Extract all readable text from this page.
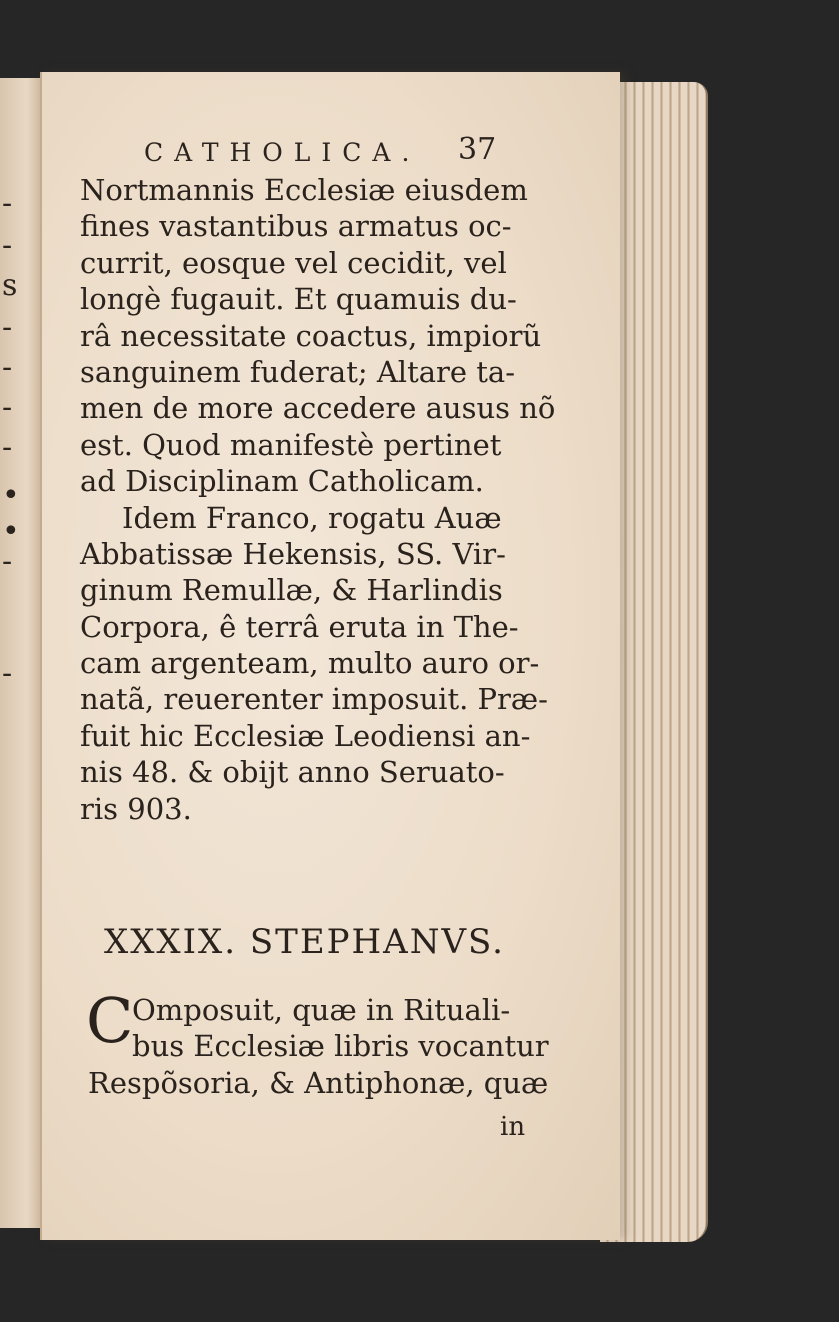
-
-
s
-
-
-
-
•
•
-
-
CATHOLICA. 37
Nortmannis Ecclesiæ eiusdem
fines vastantibus armatus oc-
currit, eosque vel cecidit, vel
longè fugauit. Et quamuis du-
râ necessitate coactus, impiorũ
sanguinem fuderat; Altare ta-
men de more accedere ausus nõ
est. Quod manifestè pertinet
ad Disciplinam Catholicam.
Idem Franco, rogatu Auæ
Abbatissæ Hekensis, SS. Vir-
ginum Remullæ, & Harlindis
Corpora, ê terrâ eruta in The-
cam argenteam, multo auro or-
natã, reuerenter imposuit. Præ-
fuit hic Ecclesiæ Leodiensi an-
nis 48. & obijt anno Seruato-
ris 903.
XXXIX. STEPHANVS.
C
Omposuit, quæ in Rituali-
bus Ecclesiæ libris vocantur
Respõsoria, & Antiphonæ, quæ
in
